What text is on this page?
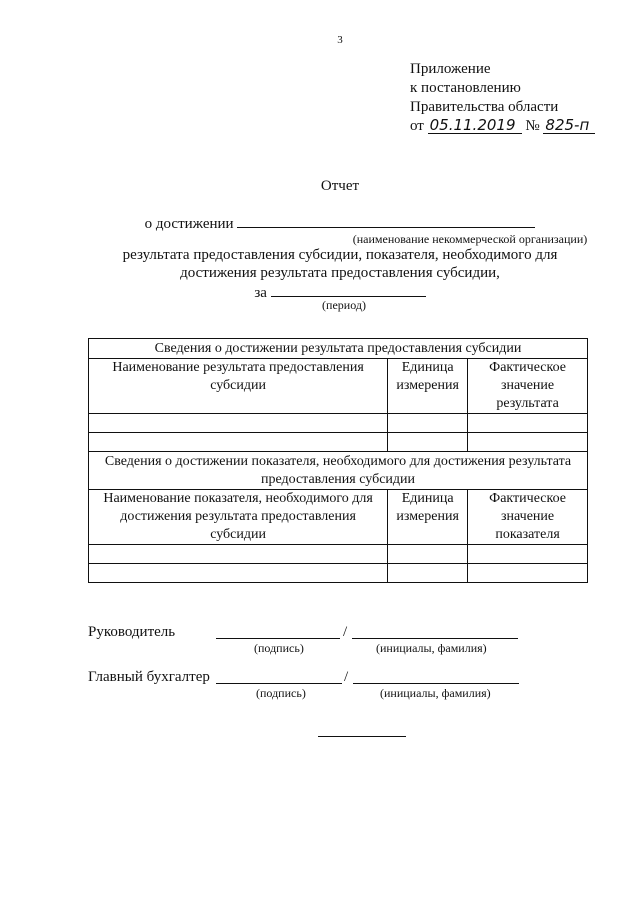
3
Приложение
к постановлению
Правительства области
от 05.11.2019 № 825-п
Отчет
о достижении
(наименование некоммерческой организации)
результата предоставления субсидии, показателя, необходимого для
достижения результата предоставления субсидии,
за
(период)
Сведения о достижении результата предоставления субсидии		
Наименование результата предоставления субсидии	Единица измерения	Фактическое значение результата

Сведения о достижении показателя, необходимого для достижения результата предоставления субсидии		
Наименование показателя, необходимого для достижения результата предоставления субсидии	Единица измерения	Фактическое значение показателя

Руководитель	/
(подпись)	(инициалы, фамилия)
Главный бухгалтер	/
(подпись)	(инициалы, фамилия)
